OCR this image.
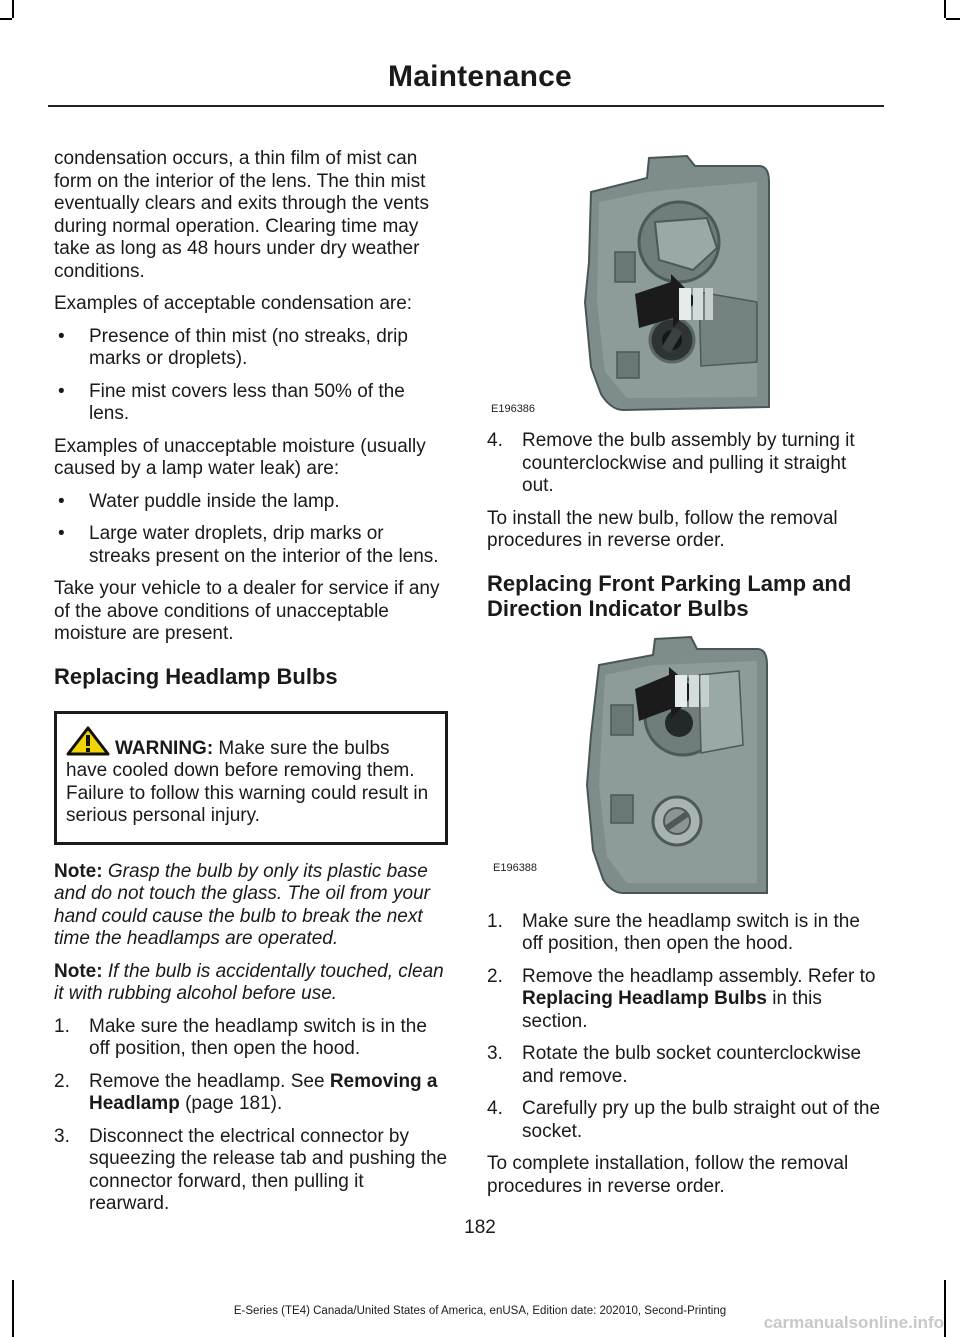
Maintenance

condensation occurs, a thin film of mist can form on the interior of the lens. The thin mist eventually clears and exits through the vents during normal operation. Clearing time may take as long as 48 hours under dry weather conditions.

Examples of acceptable condensation are:

• Presence of thin mist (no streaks, drip marks or droplets).
• Fine mist covers less than 50% of the lens.

Examples of unacceptable moisture (usually caused by a lamp water leak) are:

• Water puddle inside the lamp.
• Large water droplets, drip marks or streaks present on the interior of the lens.

Take your vehicle to a dealer for service if any of the above conditions of unacceptable moisture are present.

Replacing Headlamp Bulbs
WARNING: Make sure the bulbs have cooled down before removing them. Failure to follow this warning could result in serious personal injury.

Note: Grasp the bulb by only its plastic base and do not touch the glass. The oil from your hand could cause the bulb to break the next time the headlamps are operated.

Note: If the bulb is accidentally touched, clean it with rubbing alcohol before use.

1. Make sure the headlamp switch is in the off position, then open the hood.
2. Remove the headlamp. See Removing a Headlamp (page 181).
3. Disconnect the electrical connector by squeezing the release tab and pushing the connector forward, then pulling it rearward.
E196386
4. Remove the bulb assembly by turning it counterclockwise and pulling it straight out.

To install the new bulb, follow the removal procedures in reverse order.

Replacing Front Parking Lamp and Direction Indicator Bulbs
E196388
1. Make sure the headlamp switch is in the off position, then open the hood.
2. Remove the headlamp assembly. Refer to Replacing Headlamp Bulbs in this section.
3. Rotate the bulb socket counterclockwise and remove.
4. Carefully pry up the bulb straight out of the socket.

To complete installation, follow the removal procedures in reverse order.

182
E-Series (TE4) Canada/United States of America, enUSA, Edition date: 202010, Second-Printing
carmanualsonline.info
